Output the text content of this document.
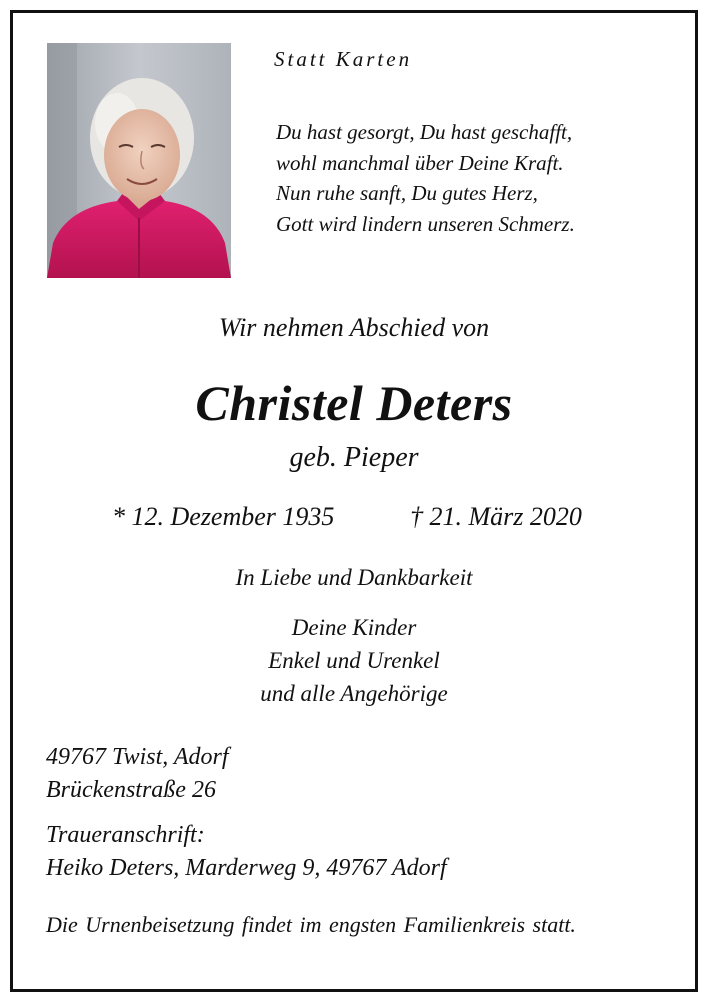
Statt Karten
Du hast gesorgt, Du hast geschafft,
wohl manchmal über Deine Kraft.
Nun ruhe sanft, Du gutes Herz,
Gott wird lindern unseren Schmerz.
Wir nehmen Abschied von
Christel Deters
geb. Pieper
* 12. Dezember 1935	† 21. März 2020
In Liebe und Dankbarkeit
Deine Kinder
Enkel und Urenkel
und alle Angehörige
49767 Twist, Adorf
Brückenstraße 26
Traueranschrift:
Heiko Deters, Marderweg 9, 49767 Adorf
Die Urnenbeisetzung findet im engsten Familienkreis statt.
